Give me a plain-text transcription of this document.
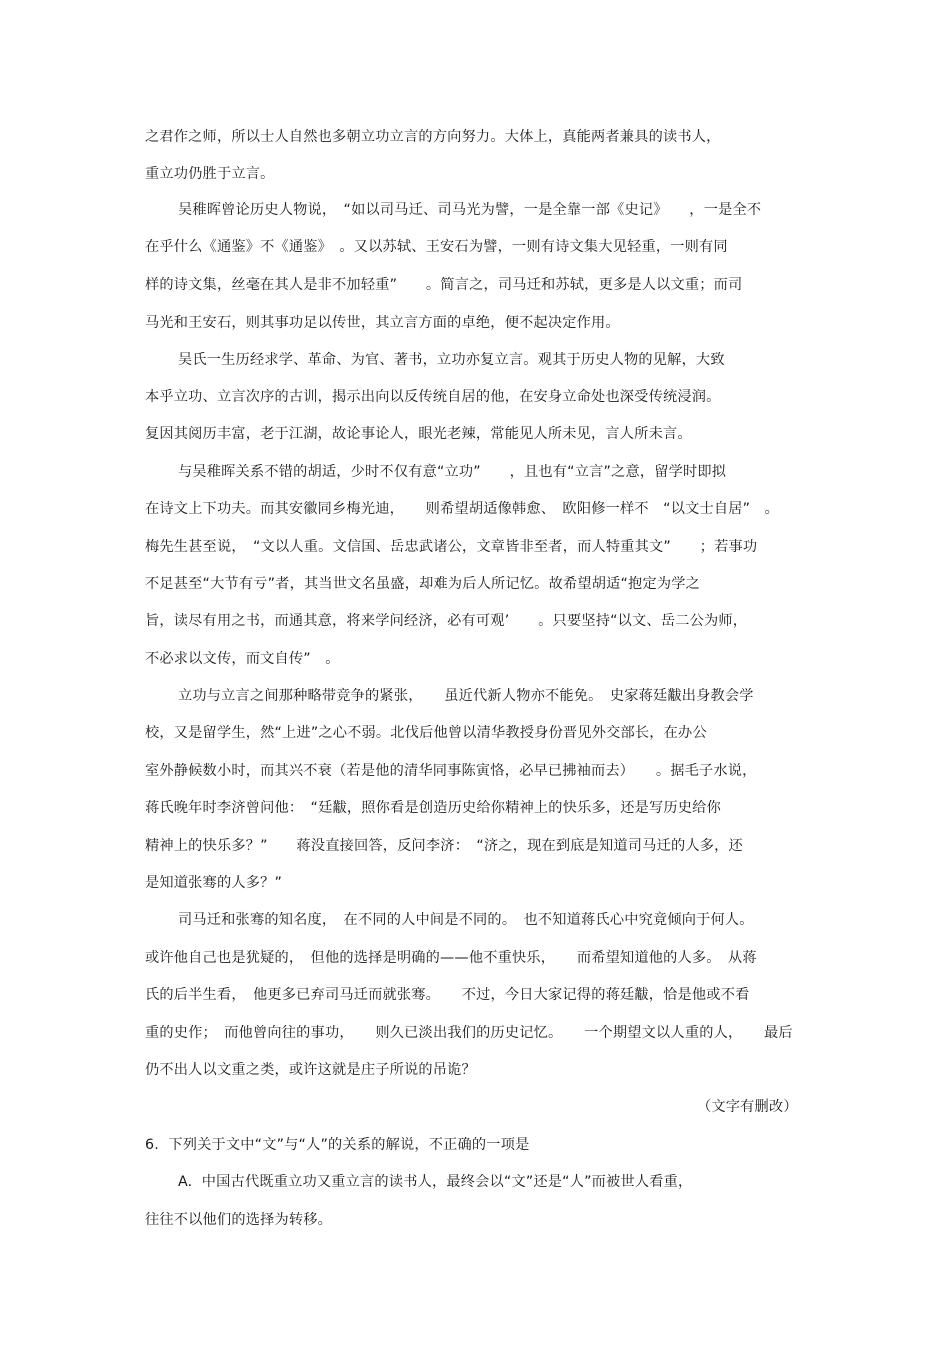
之君作之师，所以士人自然也多朝立功立言的方向努力。大体上，真能两者兼具的读书人，
重立功仍胜于立言。
吴稚晖曾论历史人物说，　“如以司马迁、司马光为譬，一是全靠一部《史记》　　，一是全不
在乎什么《通鉴》不《通鉴》　。又以苏轼、王安石为譬，一则有诗文集大见轻重，一则有同
样的诗文集，丝毫在其人是非不加轻重”　　。简言之，司马迁和苏轼，更多是人以文重；而司
马光和王安石，则其事功足以传世，其立言方面的卓绝，便不起决定作用。
吴氏一生历经求学、革命、为官、著书，立功亦复立言。观其于历史人物的见解，大致
本乎立功、立言次序的古训，揭示出向以反传统自居的他，在安身立命处也深受传统浸润。
复因其阅历丰富，老于江湖，故论事论人，眼光老辣，常能见人所未见，言人所未言。
与吴稚晖关系不错的胡适，少时不仅有意“立功”　　，且也有“立言”之意，留学时即拟
在诗文上下功夫。而其安徽同乡梅光迪，　　则希望胡适像韩愈、　欧阳修一样不　“以文士自居”　。
梅先生甚至说，　“文以人重。文信国、岳忠武诸公，文章皆非至者，而人特重其文”　　；若事功
不足甚至“大节有亏”者，其当世文名虽盛，却难为后人所记忆。故希望胡适“抱定为学之
旨，读尽有用之书，而通其意，将来学问经济，必有可观’　　。只要坚持“以文、岳二公为师，
不必求以文传，而文自传”　。
立功与立言之间那种略带竞争的紧张，　　虽近代新人物亦不能免。　史家蒋廷黻出身教会学
校，又是留学生，然“上进”之心不弱。北伐后他曾以清华教授身份晋见外交部长，在办公
室外静候数小时，而其兴不衰（若是他的清华同事陈寅恪，必早已拂袖而去）　　。据毛子水说，
蒋氏晚年时李济曾问他：　“廷黻，照你看是创造历史给你精神上的快乐多，还是写历史给你
精神上的快乐多？”　　蒋没直接回答，反问李济：　“济之，现在到底是知道司马迁的人多，还
是知道张骞的人多？”
司马迁和张骞的知名度，　在不同的人中间是不同的。　也不知道蒋氏心中究竟倾向于何人。
或许他自己也是犹疑的，　但他的选择是明确的——他不重快乐，　　而希望知道他的人多。　从蒋
氏的后半生看，　他更多已弃司马迁而就张骞。　　不过，今日大家记得的蒋廷黻，恰是他或不看
重的史作；　而他曾向往的事功，　　则久已淡出我们的历史记忆。　　一个期望文以人重的人，　　最后
仍不出人以文重之类，或许这就是庄子所说的吊诡？
（文字有删改）
6.  下列关于文中“文”与“人”的关系的解说，不正确的一项是
A.  中国古代既重立功又重立言的读书人，最终会以“文”还是“人”而被世人看重，
往往不以他们的选择为转移。
